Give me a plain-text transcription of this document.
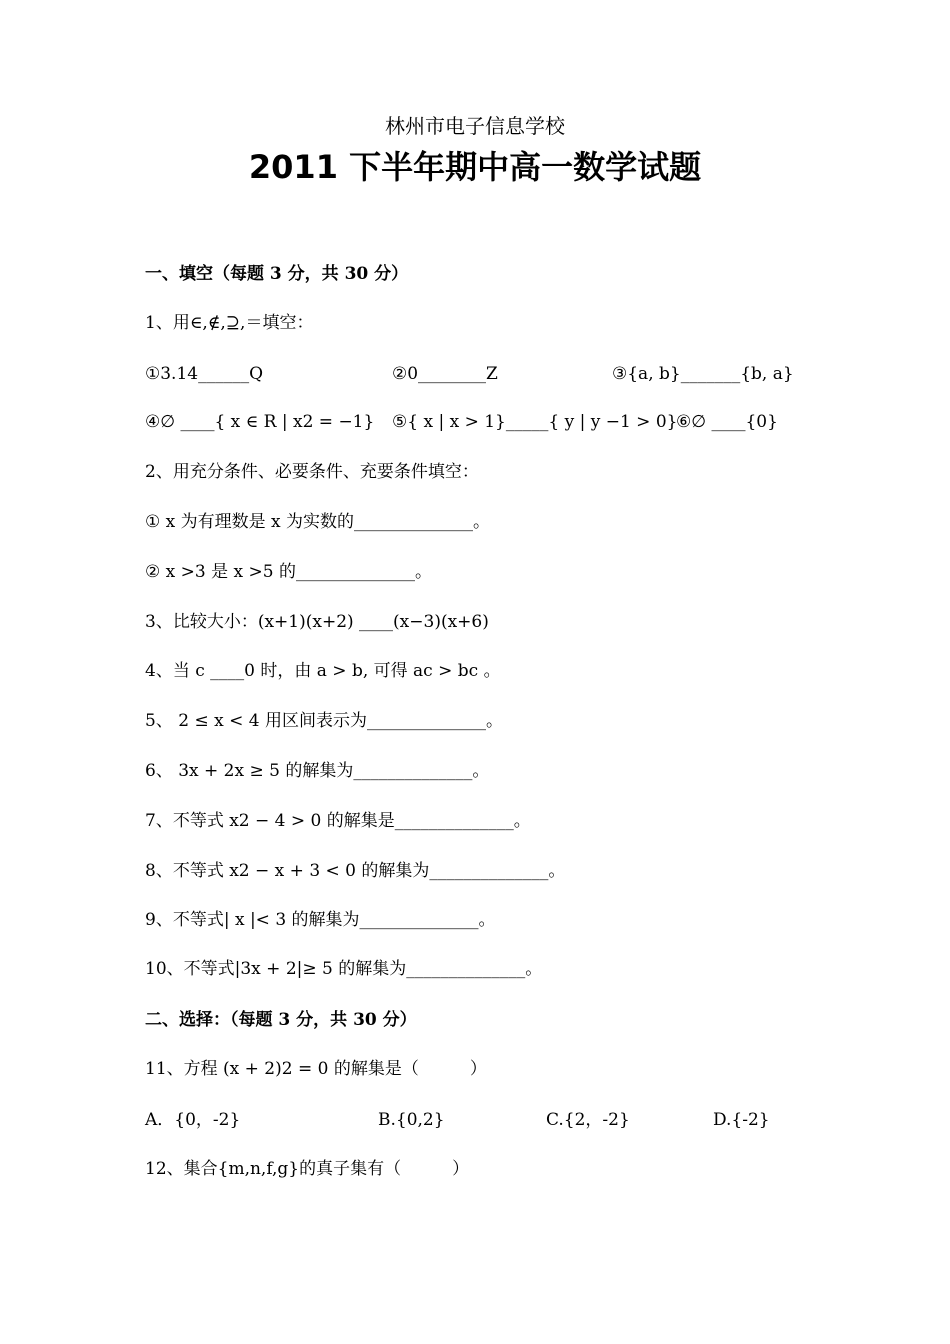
林州市电子信息学校
2011 下半年期中高一数学试题
一、填空（每题 3 分，共 30 分）
1、用∈,∉,⊇,＝填空：
①3.14______Q	②0________Z	③{a, b}_______{b, a}
④∅ ____{ x ∈ R | x2 = −1} ⑤{ x | x > 1}_____{ y | y −1 > 0}
⑥∅ ____{0}
2、用充分条件、必要条件、充要条件填空：
① x 为有理数是 x 为实数的______________。
② x >3 是 x >5 的______________。
3、比较大小：(x+1)(x+2) ____(x−3)(x+6)
4、当 c ____0 时，由 a > b, 可得 ac > bc 。
5、 2 ≤ x < 4 用区间表示为______________。
6、 3x + 2x ≥ 5 的解集为______________。
7、不等式 x2 − 4 > 0 的解集是______________。
8、不等式 x2 − x + 3 < 0 的解集为______________。
9、不等式| x |< 3 的解集为______________。
10、不等式|3x + 2|≥ 5 的解集为______________。
二、选择：（每题 3 分，共 30 分）
11、方程 (x + 2)2 = 0 的解集是（　　　）
A．{0，-2}	B.{0,2}	C.{2，-2}	D.{-2}
12、集合{m,n,f,g}的真子集有（　　　）
